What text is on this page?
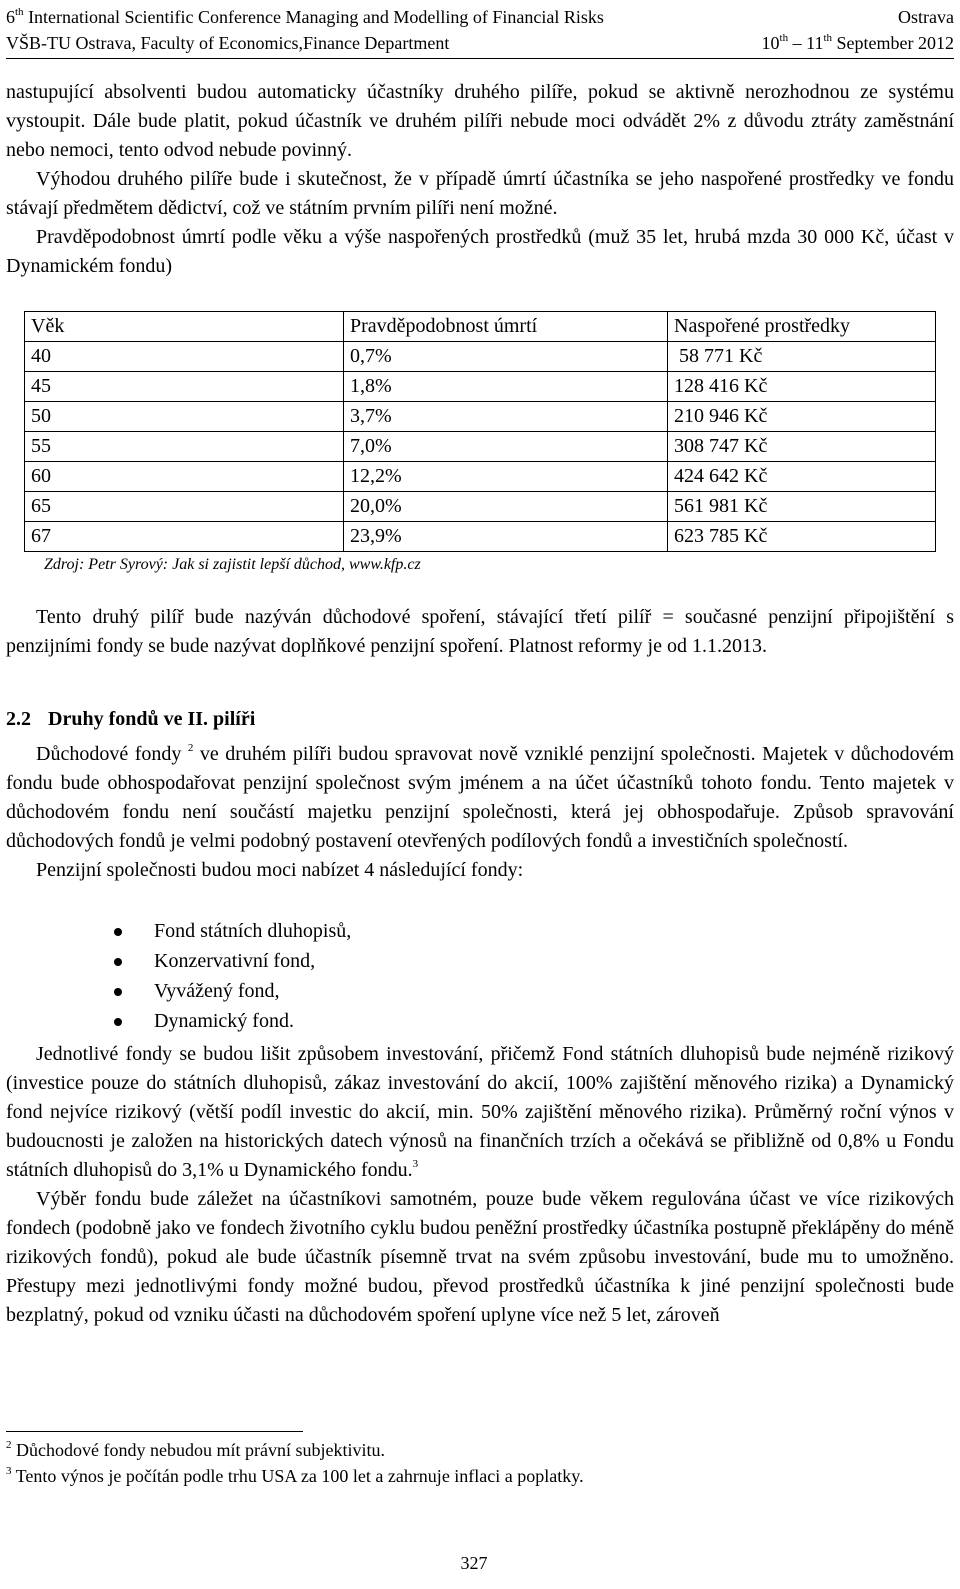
6th International Scientific Conference Managing and Modelling of Financial Risks	Ostrava
VŠB-TU Ostrava, Faculty of Economics,Finance Department	10th – 11th September 2012

nastupující absolventi budou automaticky účastníky druhého pilíře, pokud se aktivně nerozhodnou ze systému vystoupit. Dále bude platit, pokud účastník ve druhém pilíři nebude moci odvádět 2% z důvodu ztráty zaměstnání nebo nemoci, tento odvod nebude povinný.

Výhodou druhého pilíře bude i skutečnost, že v případě úmrtí účastníka se jeho naspořené prostředky ve fondu stávají předmětem dědictví, což ve státním prvním pilíři není možné.

Pravděpodobnost úmrtí podle věku a výše naspořených prostředků (muž 35 let, hrubá mzda 30 000 Kč, účast v Dynamickém fondu)

Věk	Pravděpodobnost úmrtí	Naspořené prostředky
40	0,7%	58 771 Kč
45	1,8%	128 416 Kč
50	3,7%	210 946 Kč
55	7,0%	308 747 Kč
60	12,2%	424 642 Kč
65	20,0%	561 981 Kč
67	23,9%	623 785 Kč
Zdroj: Petr Syrový: Jak si zajistit lepší důchod, www.kfp.cz

Tento druhý pilíř bude nazýván důchodové spoření, stávající třetí pilíř = současné penzijní připojištění s penzijními fondy se bude nazývat doplňkové penzijní spoření. Platnost reformy je od 1.1.2013.

2.2 Druhy fondů ve II. pilíři

Důchodové fondy $^2$ ve druhém pilíři budou spravovat nově vzniklé penzijní společnosti. Majetek v důchodovém fondu bude obhospodařovat penzijní společnost svým jménem a na účet účastníků tohoto fondu. Tento majetek v důchodovém fondu není součástí majetku penzijní společnosti, která jej obhospodařuje. Způsob spravování důchodových fondů je velmi podobný postavení otevřených podílových fondů a investičních společností.

Penzijní společnosti budou moci nabízet 4 následující fondy:

Fond státních dluhopisů,
Konzervativní fond,
Vyvážený fond,
Dynamický fond.

Jednotlivé fondy se budou lišit způsobem investování, přičemž Fond státních dluhopisů bude nejméně rizikový (investice pouze do státních dluhopisů, zákaz investování do akcií, 100% zajištění měnového rizika) a Dynamický fond nejvíce rizikový (větší podíl investic do akcií, min. 50% zajištění měnového rizika). Průměrný roční výnos v budoucnosti je založen na historických datech výnosů na finančních trzích a očekává se přibližně od 0,8% u Fondu státních dluhopisů do 3,1% u Dynamického fondu.$^3$

Výběr fondu bude záležet na účastníkovi samotném, pouze bude věkem regulována účast ve více rizikových fondech (podobně jako ve fondech životního cyklu budou peněžní prostředky účastníka postupně překlápěny do méně rizikových fondů), pokud ale bude účastník písemně trvat na svém způsobu investování, bude mu to umožněno. Přestupy mezi jednotlivými fondy možné budou, převod prostředků účastníka k jiné penzijní společnosti bude bezplatný, pokud od vzniku účasti na důchodovém spoření uplyne více než 5 let, zároveň

$^2$ Důchodové fondy nebudou mít právní subjektivitu.
$^3$ Tento výnos je počítán podle trhu USA za 100 let a zahrnuje inflaci a poplatky.
327
